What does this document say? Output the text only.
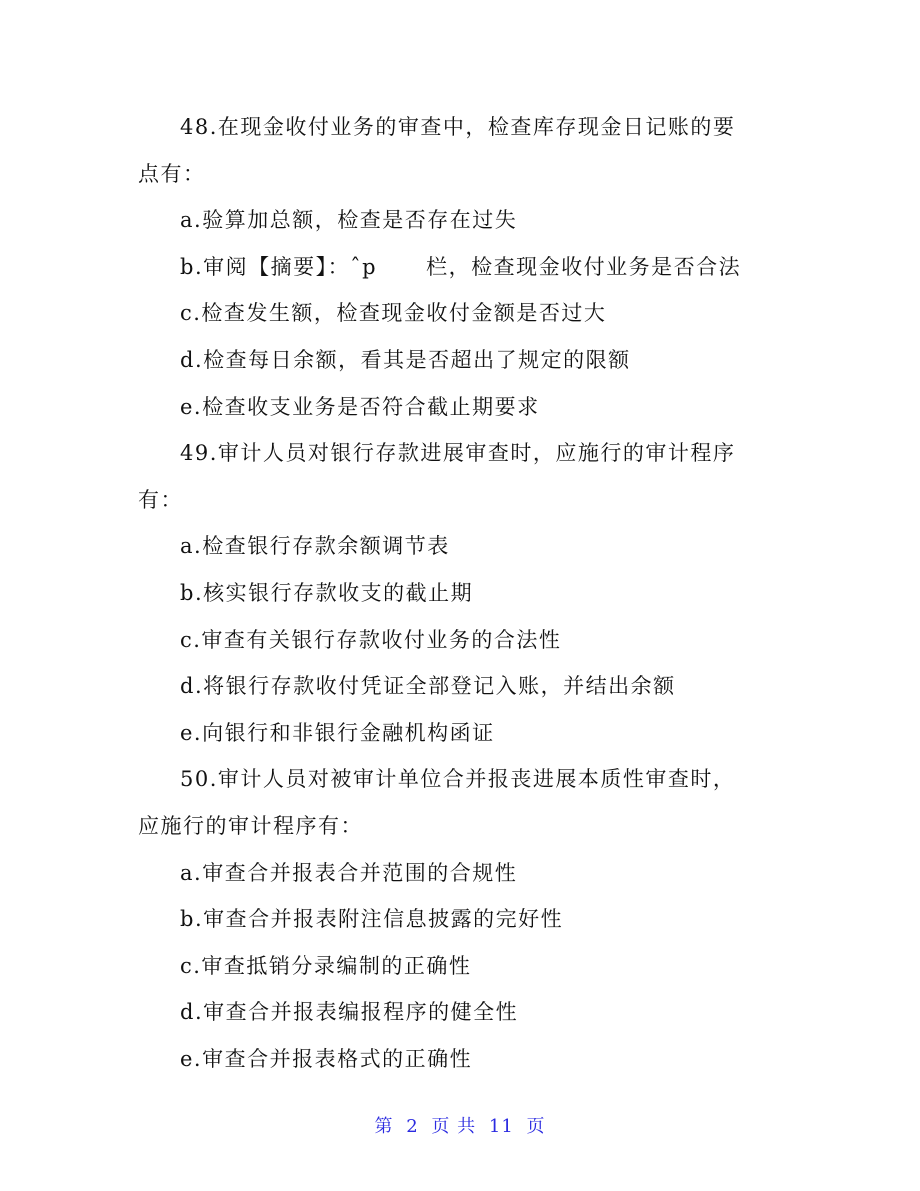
48.在现金收付业务的审查中，检查库存现金日记账的要
点有：
a.验算加总额，检查是否存在过失
b.审阅【摘要】：ˆp      栏，检查现金收付业务是否合法
c.检查发生额，检查现金收付金额是否过大
d.检查每日余额，看其是否超出了规定的限额
e.检查收支业务是否符合截止期要求
49.审计人员对银行存款进展审查时，应施行的审计程序
有：
a.检查银行存款余额调节表
b.核实银行存款收支的截止期
c.审查有关银行存款收付业务的合法性
d.将银行存款收付凭证全部登记入账，并结出余额
e.向银行和非银行金融机构函证
50.审计人员对被审计单位合并报丧进展本质性审查时，
应施行的审计程序有：
a.审查合并报表合并范围的合规性
b.审查合并报表附注信息披露的完好性
c.审查抵销分录编制的正确性
d.审查合并报表编报程序的健全性
e.审查合并报表格式的正确性
第 2 页 共 11 页
